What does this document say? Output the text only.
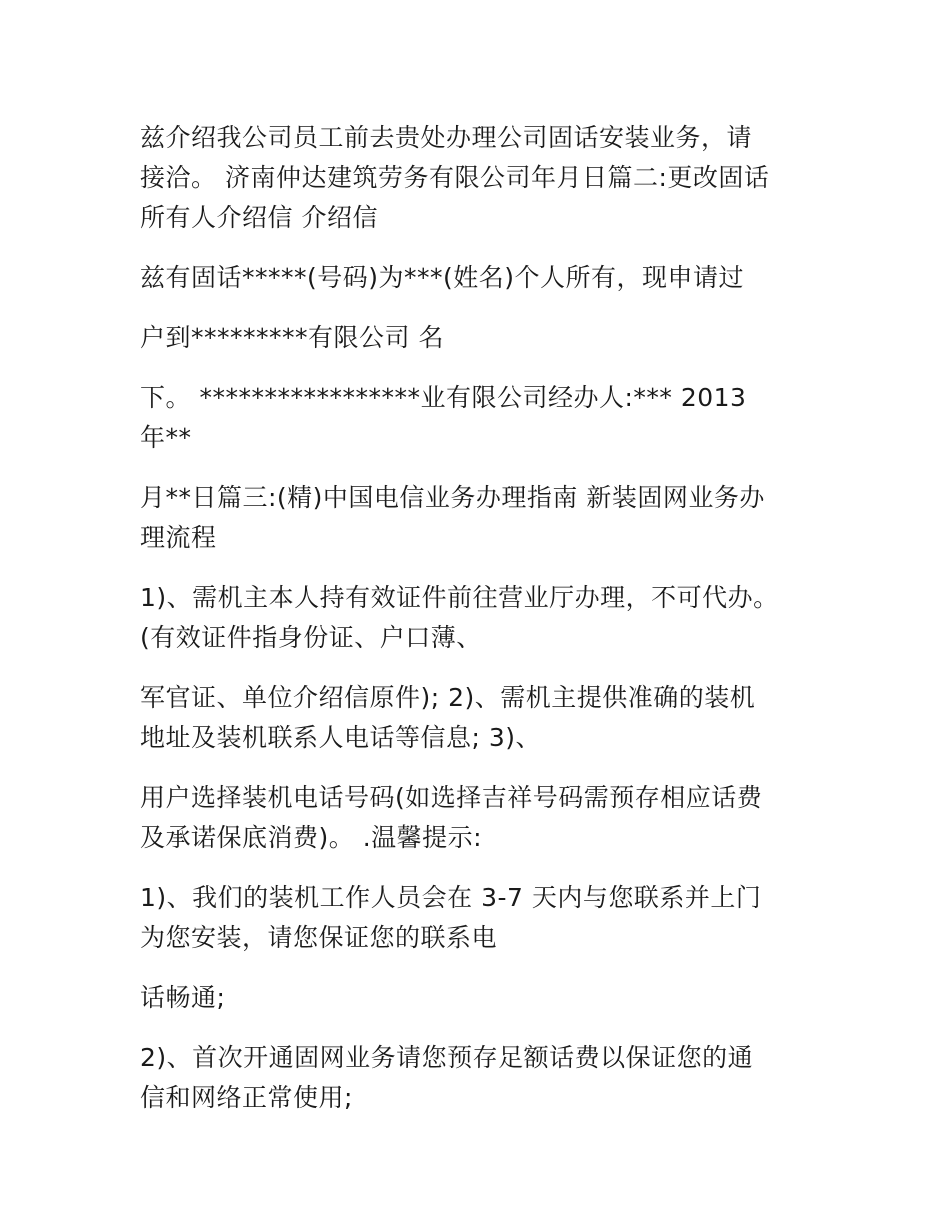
兹介绍我公司员工前去贵处办理公司固话安装业务，请
接洽。 济南仲达建筑劳务有限公司年月日篇二:更改固话
所有人介绍信 介绍信
兹有固话*****(号码)为***(姓名)个人所有，现申请过
户到*********有限公司 名
下。 *****************业有限公司经办人:*** 2013
年**
月**日篇三:(精)中国电信业务办理指南 新装固网业务办
理流程
1)、需机主本人持有效证件前往营业厅办理，不可代办。
(有效证件指身份证、户口薄、
军官证、单位介绍信原件); 2)、需机主提供准确的装机
地址及装机联系人电话等信息; 3)、
用户选择装机电话号码(如选择吉祥号码需预存相应话费
及承诺保底消费)。 .温馨提示:
1)、我们的装机工作人员会在 3-7 天内与您联系并上门
为您安装，请您保证您的联系电
话畅通;
2)、首次开通固网业务请您预存足额话费以保证您的通
信和网络正常使用;
